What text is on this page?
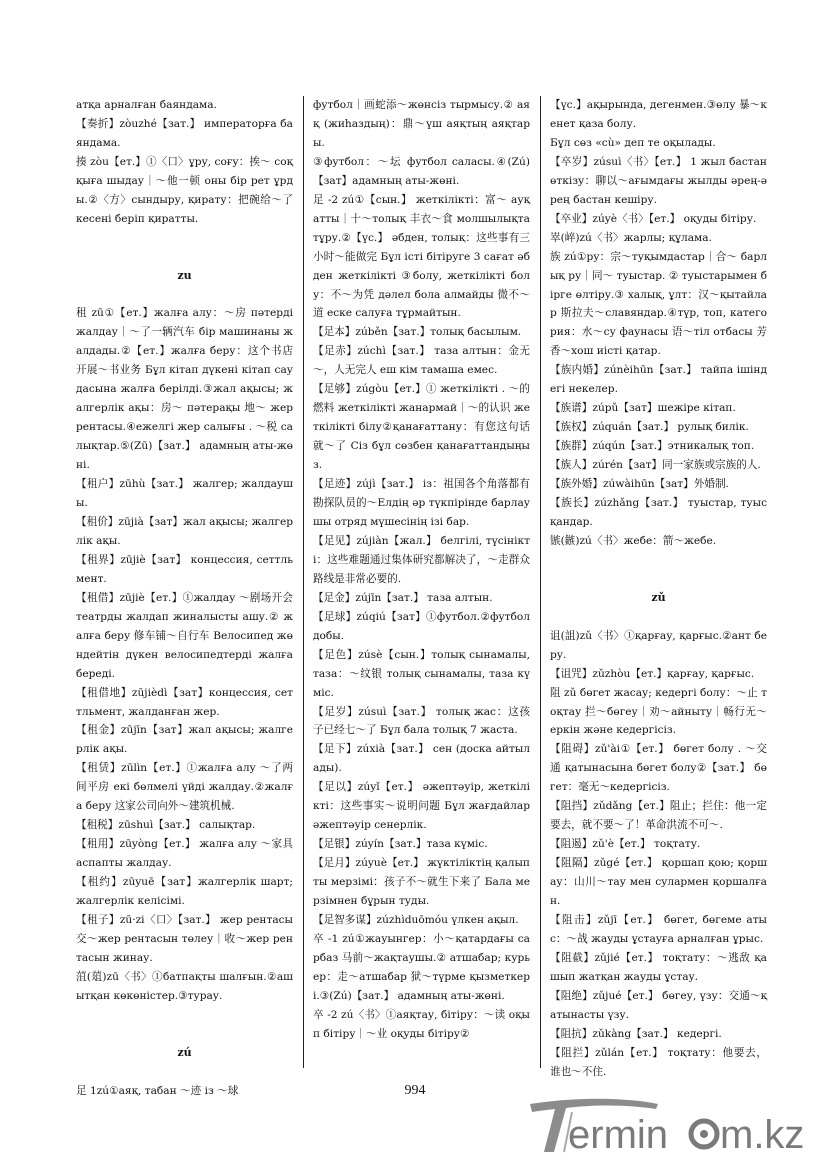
атқа арналған баяндама.

【奏折】zòuzhé【зат.】 императорға баяндама.

揍 zòu【ет.】①〈口〉ұру, соғу：挨～ соққыға шыдау｜～他一顿 оны бір рет ұрды.②〈方〉сындыру, қирату：把碗给～了 кесені беріп қиратты.

zu

租 zū①【ет.】жалға алу：～房 пәтерді жалдау｜～了一辆汽车 бір машинаны жалдады.②【ет.】жалға беру：这个书店开展～书业务 Бұл кітап дүкені кітап саудасына жалға берілді.③жал ақысы; жалгерлік ақы：房～ пәтерақы 地～ жер рентасы.④ежелгі жер салығы . ～税 салықтар.⑤(Zū)【зат.】 адамның аты-жөні.

【租户】zūhù【зат.】 жалгер; жалдаушы.

【租价】zūjià【зат】жал ақысы; жалгерлік ақы.

【租界】zūjiè【зат】 концессия, сеттльмент.

【租借】zūjiè【ет.】①жалдау ～剧场开会 театрды жалдап жиналысты ашу.② жалға беру 修车铺～自行车 Велосипед жөндейтін дүкен велосипедтерді жалға береді.

【租借地】zūjièdì【зат】концессия, сеттльмент, жалданған жер.

【租金】zūjīn【зат】жал ақысы; жалгерлік ақы.

【租赁】zūlìn【ет.】①жалға алу ～了两间平房 екі бөлмелі үйді жалдау.②жалға беру 这家公司向外～建筑机械.

【租税】zūshuì【зат.】 салықтар.

【租用】zūyòng【ет.】 жалға алу ～家具 аспапты жалдау.

【租约】zūyuē【зат】жалгерлік шарт; жалгерлік келісімі.

【租子】zū·zi〈口〉【зат.】 жер рентасы 交～жер рентасын төлеу｜收～жер рентасын жинау.

菹(葅)zū〈书〉①батпақты шалғын.②ашытқан көкөністер.③турау.

zú

足 1zú①аяқ, табан ～迹 із ～球

футбол｜画蛇添～жөнсіз тырмысу.② аяқ (жиһаздың)：鼎～үш аяқтың аяқтары.

③футбол：～坛 футбол саласы.④(Zú)【зат】адамның аты-жөні.

足 -2 zú①【сын.】 жеткілікті：富～ ауқатты｜十～толық 丰衣～食 молшылықта тұру.②【үс.】 әбден, толық：这些事有三小时～能做完 Бұл істі бітіруге 3 сағат әбден жеткілікті ③болу, жеткілікті болу：不～为凭 дәлел бола алмайды 微不～道 еске салуға тұрмайтын.

【足本】zúběn【зат.】толық басылым.

【足赤】zúchì【зат.】 таза алтын：金无～，人无完人 еш кім тамаша емес.

【足够】zúgòu【ет.】① жеткілікті . ～的燃料 жеткілікті жанармай｜～的认识 жеткілікті білу②қанағаттану：有您这句话就～了 Сіз бұл сөзбен қанағаттандыңыз.

【足迹】zújì【зат.】 із：祖国各个角落都有勘探队员的～Елдің әр түкпірінде барлаушы отряд мүшесінің ізі бар.

【足见】zújiàn【жал.】 белгілі, түсінікті：这些难题通过集体研究都解决了，～走群众路线是非常必要的.

【足金】zújīn【зат.】 таза алтын.

【足球】zúqiú【зат】①футбол.②футбол добы.

【足色】zúsè【сын.】толық сынамалы, таза：～纹银 толық сынамалы, таза күміс.

【足岁】zúsuì【зат.】 толық жас：这孩子已经七～了 Бұл бала толық 7 жаста.

【足下】zúxià【зат.】 сен (доска айтылады).

【足以】zúyǐ【ет.】 әжептәуір, жеткілікті：这些事实～说明问题 Бұл жағдайлар әжептәуір сенерлік.

【足银】zúyín【зат.】таза күміс.

【足月】zúyuè【ет.】 жүктіліктің қалыпты мерзімі：孩子不～就生下来了 Бала мерзімнен бұрын туды.

【足智多谋】zúzhìduōmóu үлкен ақыл.

卒 -1 zú①жауынгер：小～қатардағы сарбаз 马前～жақтаушы.② атшабар; курьер：走～атшабар 狱～түрме қызметкері.③(Zú)【зат.】 адамның аты-жөні.

卒 -2 zú〈书〉①аяқтау, бітіру：～读 оқып бітіру｜～业 оқуды бітіру②

【үс.】ақырында, дегенмен.③өлу 暴～кенет қаза болу.

Бұл сөз «cù» деп те оқылады.

【卒岁】zúsuì〈书〉【ет.】 1 жыл бастан өткізу：聊以～ағымдағы жылды әрең-әрең бастан кешіру.

【卒业】zúyè〈书〉【ет.】 оқуды бітіру.

崒(崪)zú〈书〉жарлы; құлама.

族 zú①ру：宗～туқымдастар｜合～ барлық ру｜同～ туыстар. ② туыстарымен бірге өлтіру.③ халық, ұлт：汉～қытайлар 斯拉夫～славяндар.④түр, топ, категория：水～су фаунасы 语～тіл отбасы 芳香～хош иісті қатар.

【族内婚】zúnèihūn【зат.】 тайпа ішіндегі некелер.

【族谱】zúpǔ【зат】шежіре кітап.

【族权】zúquán【зат.】 рулық билік.

【族群】zúqún【зат.】этникалық топ.

【族人】zúrén【зат】同一家族或宗族的人.

【族外婚】zúwàihūn【зат】外婚制.

【族长】zúzhǎng【зат.】 туыстар, туысқандар.

镞(鏃)zú〈书〉жебе：箭～жебе.

zǔ

诅(詛)zǔ〈书〉①қарғау, қарғыс.②ант беру.

【诅咒】zǔzhòu【ет.】қарғау, қарғыс.

阻 zǔ бөгет жасау; кедергі болу：～止 тоқтау 拦～бөгеу｜劝～айныту｜畅行无～еркін және кедергісіз.

【阻碍】zǔ'ài①【ет.】 бөгет болу . ～交通 қатынасына бөгет болу②【зат.】 бөгет：毫无～кедергісіз.

【阻挡】zǔdǎng【ет.】阻止；拦住：他一定要去，就不要～了！革命洪流不可～.

【阻遏】zǔ'è【ет.】 тоқтату.

【阻隔】zǔgé【ет.】 қоршап қою; қоршау：山川～тау мен сулармен қоршалған.

【阻击】zǔjī【ет.】 бөгет, бөгеме атыс：～战 жауды ұстауға арналған ұрыс.

【阻截】zǔjié【ет.】 тоқтату：～逃敌 қашып жатқан жауды ұстау.

【阻绝】zǔjué【ет.】 бөгеу, үзу：交通～қатынасты үзу.

【阻抗】zǔkàng【зат.】 кедергі.

【阻拦】zǔlán【ет.】 тоқтату：他要去，谁也～不住.

994
ermin m.kz
